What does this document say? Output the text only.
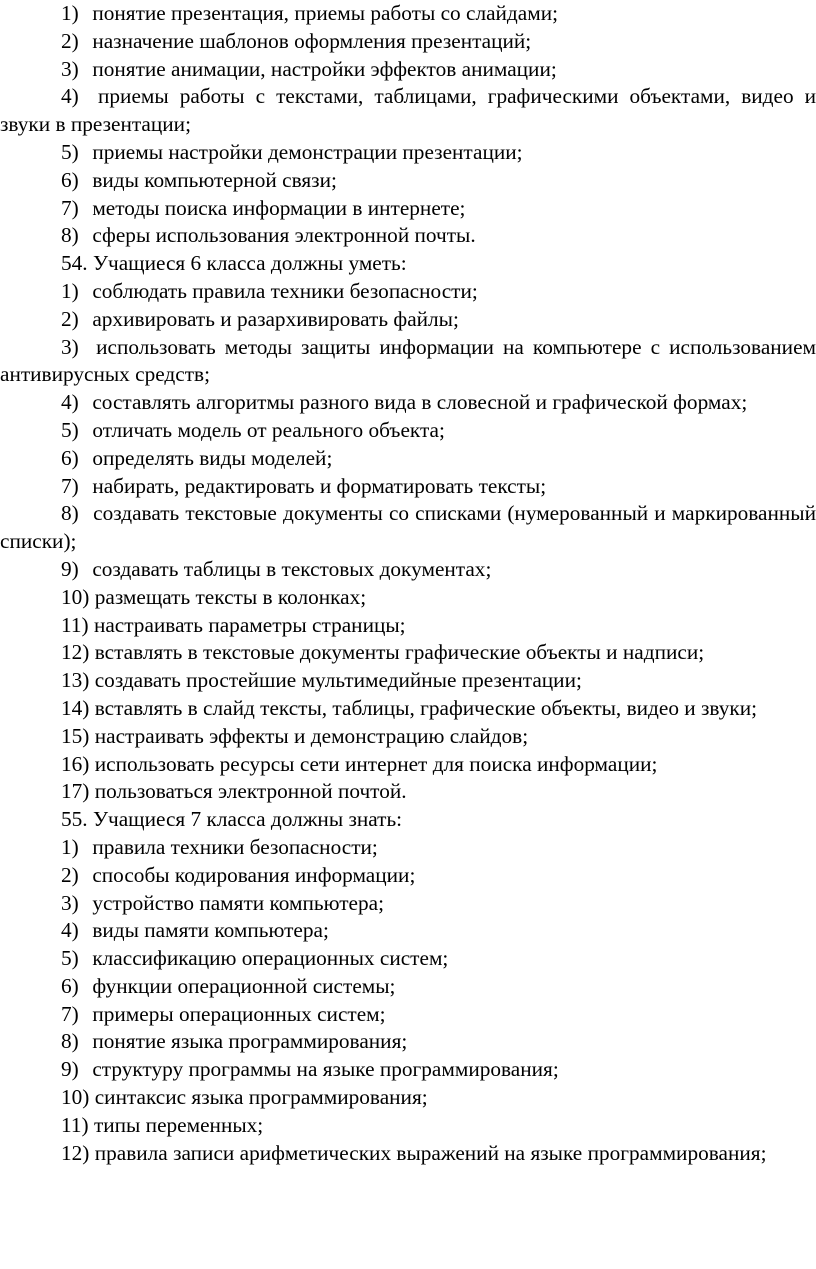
1) понятие презентация, приемы работы со слайдами;

2) назначение шаблонов оформления презентаций;

3) понятие анимации, настройки эффектов анимации;

4) приемы работы с текстами, таблицами, графическими объектами, видео и звуки в презентации;

5) приемы настройки демонстрации презентации;

6) виды компьютерной связи;

7) методы поиска информации в интернете;

8) сферы использования электронной почты.

54. Учащиеся 6 класса должны уметь:

1) соблюдать правила техники безопасности;

2) архивировать и разархивировать файлы;

3) использовать методы защиты информации на компьютере с использованием антивирусных средств;

4) составлять алгоритмы разного вида в словесной и графической формах;

5) отличать модель от реального объекта;

6) определять виды моделей;

7) набирать, редактировать и форматировать тексты;

8) создавать текстовые документы со списками (нумерованный и маркированный списки);

9) создавать таблицы в текстовых документах;

10) размещать тексты в колонках;

11) настраивать параметры страницы;

12) вставлять в текстовые документы графические объекты и надписи;

13) создавать простейшие мультимедийные презентации;

14) вставлять в слайд тексты, таблицы, графические объекты, видео и звуки;

15) настраивать эффекты и демонстрацию слайдов;

16) использовать ресурсы сети интернет для поиска информации;

17) пользоваться электронной почтой.

55. Учащиеся 7 класса должны знать:

1) правила техники безопасности;

2) способы кодирования информации;

3) устройство памяти компьютера;

4) виды памяти компьютера;

5) классификацию операционных систем;

6) функции операционной системы;

7) примеры операционных систем;

8) понятие языка программирования;

9) структуру программы на языке программирования;

10) синтаксис языка программирования;

11) типы переменных;

12) правила записи арифметических выражений на языке программирования;
